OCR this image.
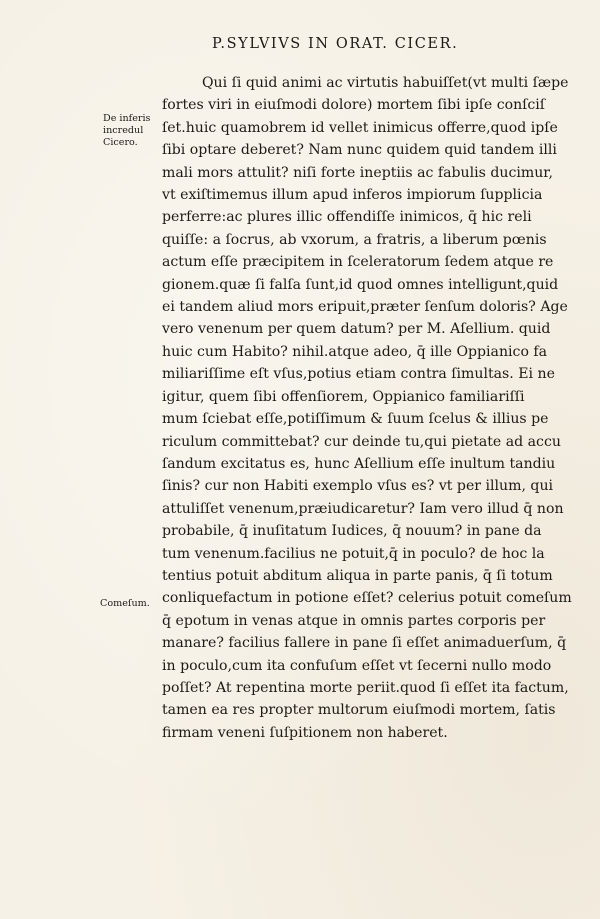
P.SYLVIVS IN ORAT. CICER.
De inferis
incredul
Cicero.
Comeſum.
Qui ſi quid animi ac virtutis habuiſſet(vt multi ſæpe
fortes viri in eiuſmodi dolore) mortem ſibi ipſe conſciſ
ſet.huic quamobrem id vellet inimicus offerre,quod ipſe
ſibi optare deberet? Nam nunc quidem quid tandem illi
mali mors attulit? niſi forte ineptiis ac fabulis ducimur,
vt exiſtimemus illum apud inferos impiorum ſupplicia
perferre:ac plures illic offendiſſe inimicos, q̄ hic reli
quiſſe: a ſocrus, ab vxorum, a fratris, a liberum pœnis
actum eſſe præcipitem in ſceleratorum ſedem atque re
gionem.quæ ſi falſa ſunt,id quod omnes intelligunt,quid
ei tandem aliud mors eripuit,præter ſenſum doloris? Age
vero venenum per quem datum? per M. Aſellium. quid
huic cum Habito? nihil.atque adeo, q̄ ille Oppianico fa
miliariſſime eſt vſus,potius etiam contra ſimultas. Ei ne
igitur, quem ſibi offenſiorem, Oppianico familiariſſi
mum ſciebat eſſe,potiſſimum & ſuum ſcelus & illius pe
riculum committebat? cur deinde tu,qui pietate ad accu
ſandum excitatus es, hunc Aſellium eſſe inultum tandiu
ſinis? cur non Habiti exemplo vſus es? vt per illum, qui
attuliſſet venenum,præiudicaretur? Iam vero illud q̄ non
probabile, q̄ inuſitatum Iudices, q̄ nouum? in pane da
tum venenum.facilius ne potuit,q̄ in poculo? de hoc la
tentius potuit abditum aliqua in parte panis, q̄ ſi totum
conliquefactum in potione eſſet? celerius potuit comeſum
q̄ epotum in venas atque in omnis partes corporis per
manare? facilius fallere in pane ſi eſſet animaduerſum, q̄
in poculo,cum ita confuſum eſſet vt ſecerni nullo modo
poſſet? At repentina morte periit.quod ſi eſſet ita factum,
tamen ea res propter multorum eiuſmodi mortem, ſatis
firmam veneni ſuſpitionem non haberet.
